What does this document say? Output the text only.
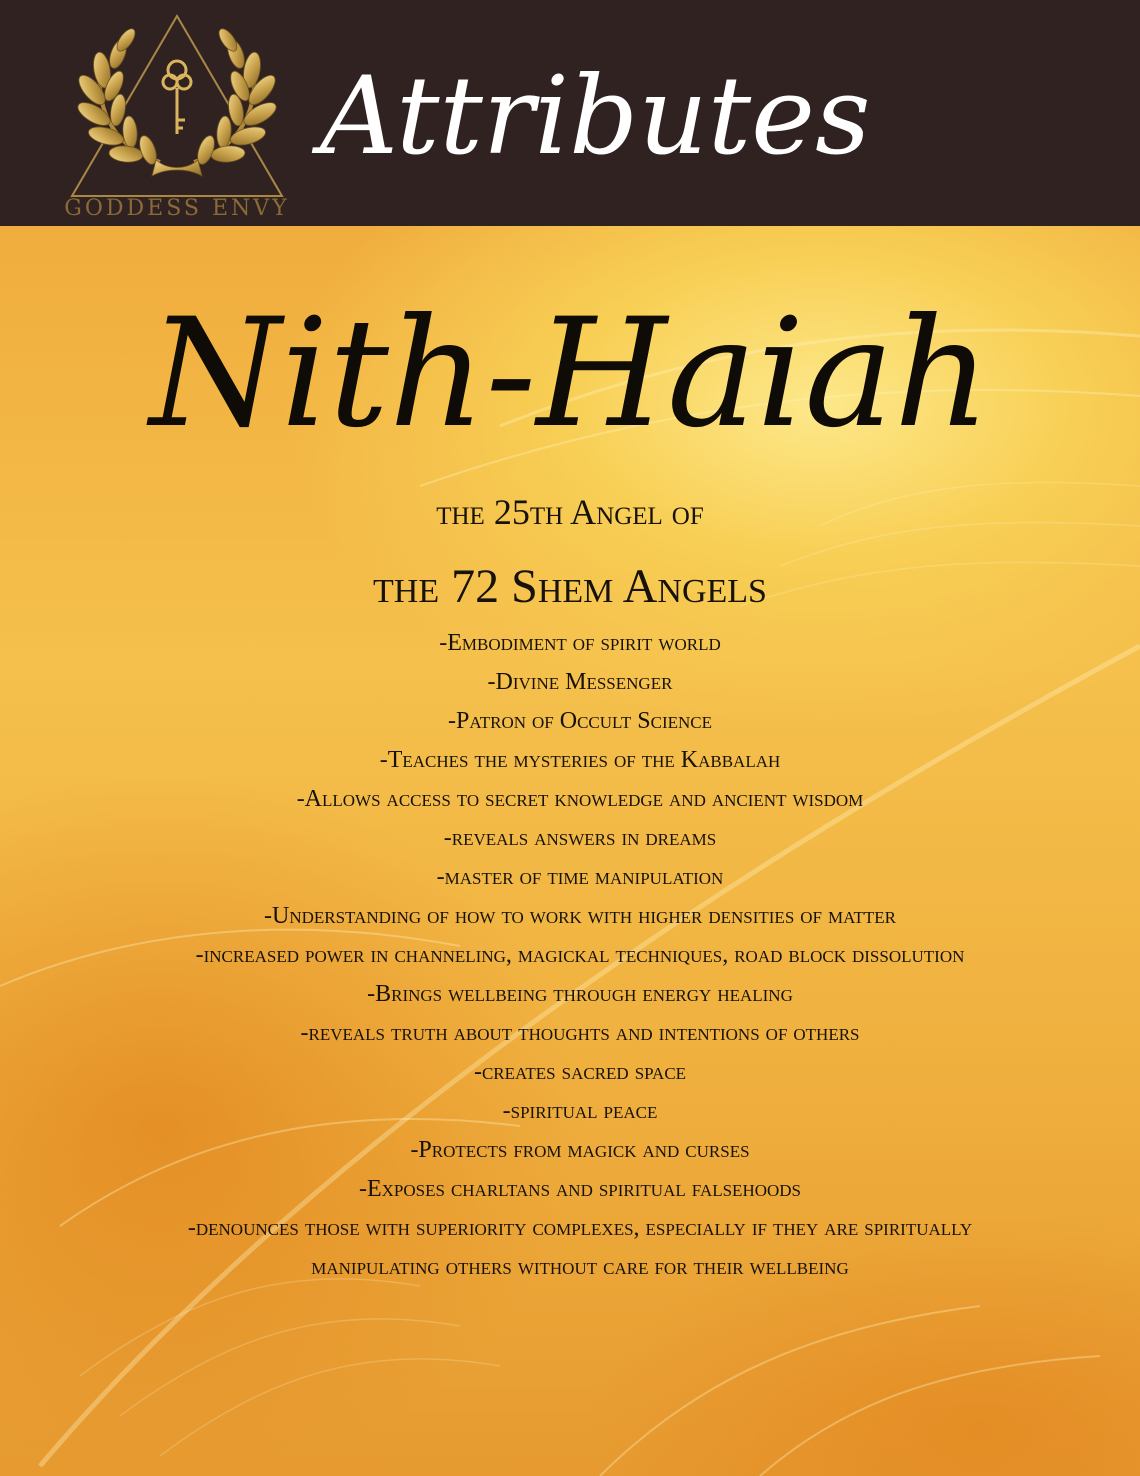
GODDESS ENVY
Attributes
Nith-Haiah
the 25th Angel of
the 72 Shem Angels
-Embodiment of spirit world
-Divine Messenger
-Patron of Occult Science
-Teaches the mysteries of the Kabbalah
-Allows access to secret knowledge and ancient wisdom
-reveals answers in dreams
-master of time manipulation
-Understanding of how to work with higher densities of matter
-increased power in channeling, magickal techniques, road block dissolution
-Brings wellbeing through energy healing
-reveals truth about thoughts and intentions of others
-creates sacred space
-spiritual peace
-Protects from magick and curses
-Exposes charltans and spiritual falsehoods
-denounces those with superiority complexes, especially if they are spiritually manipulating others without care for their wellbeing
